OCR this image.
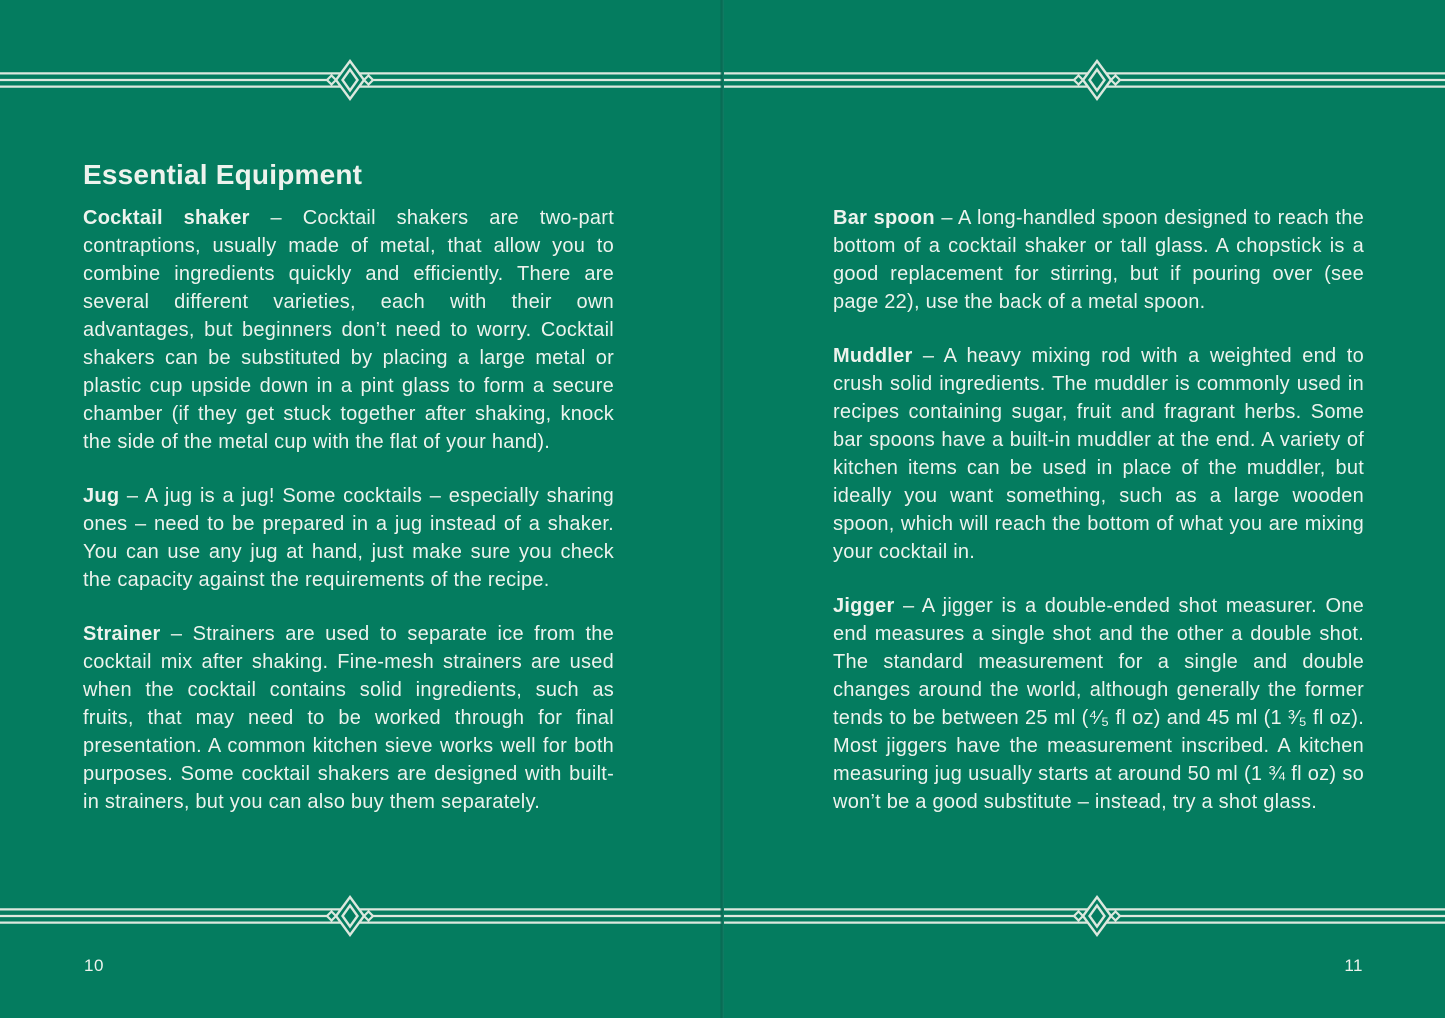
Essential Equipment

Cocktail shaker – Cocktail shakers are two-part contraptions, usually made of metal, that allow you to combine ingredients quickly and efficiently. There are several different varieties, each with their own advantages, but beginners don’t need to worry. Cocktail shakers can be substituted by placing a large metal or plastic cup upside down in a pint glass to form a secure chamber (if they get stuck together after shaking, knock the side of the metal cup with the flat of your hand).

Jug – A jug is a jug! Some cocktails – especially sharing ones – need to be prepared in a jug instead of a shaker. You can use any jug at hand, just make sure you check the capacity against the requirements of the recipe.

Strainer – Strainers are used to separate ice from the cocktail mix after shaking. Fine-mesh strainers are used when the cocktail contains solid ingredients, such as fruits, that may need to be worked through for final presentation. A common kitchen sieve works well for both purposes. Some cocktail shakers are designed with built-in strainers, but you can also buy them separately.

Bar spoon – A long-handled spoon designed to reach the bottom of a cocktail shaker or tall glass. A chopstick is a good replacement for stirring, but if pouring over (see page 22), use the back of a metal spoon.

Muddler – A heavy mixing rod with a weighted end to crush solid ingredients. The muddler is commonly used in recipes containing sugar, fruit and fragrant herbs. Some bar spoons have a built-in muddler at the end. A variety of kitchen items can be used in place of the muddler, but ideally you want something, such as a large wooden spoon, which will reach the bottom of what you are mixing your cocktail in.

Jigger – A jigger is a double-ended shot measurer. One end measures a single shot and the other a double shot. The standard measurement for a single and double changes around the world, although generally the former tends to be between 25 ml (⁴⁄₅ fl oz) and 45 ml (1 ³⁄₅ fl oz). Most jiggers have the measurement inscribed. A kitchen measuring jug usually starts at around 50 ml (1 ¾ fl oz) so won’t be a good substitute – instead, try a shot glass.

10	11
